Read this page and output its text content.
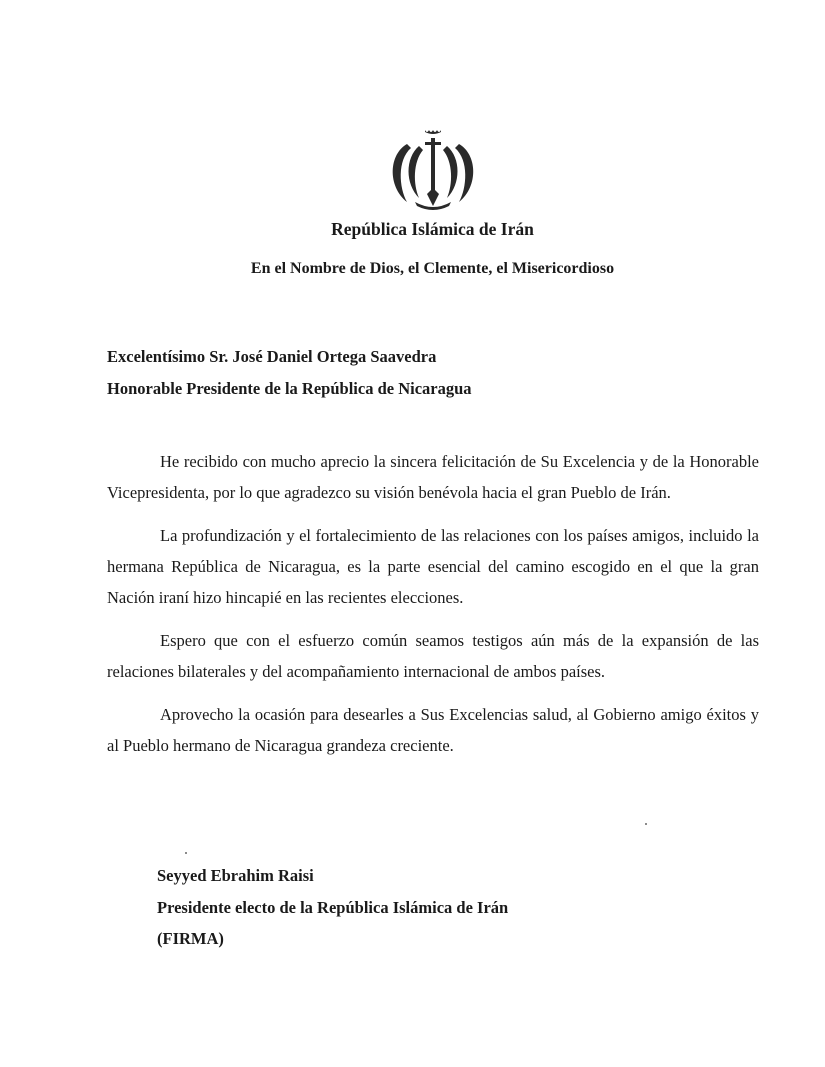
República Islámica de Irán
En el Nombre de Dios, el Clemente, el Misericordioso

Excelentísimo Sr. José Daniel Ortega Saavedra

Honorable Presidente de la República de Nicaragua

He recibido con mucho aprecio la sincera felicitación de Su Excelencia y de la Honorable Vicepresidenta, por lo que agradezco su visión benévola hacia el gran Pueblo de Irán.

La profundización y el fortalecimiento de las relaciones con los países amigos, incluido la hermana República de Nicaragua, es la parte esencial del camino escogido en el que la gran Nación iraní hizo hincapié en las recientes elecciones.

Espero que con el esfuerzo común seamos testigos aún más de la expansión de las relaciones bilaterales y del acompañamiento internacional de ambos países.

Aprovecho la ocasión para desearles a Sus Excelencias salud, al Gobierno amigo éxitos y al Pueblo hermano de Nicaragua grandeza creciente.

Seyyed Ebrahim Raisi
Presidente electo de la República Islámica de Irán
(FIRMA)
